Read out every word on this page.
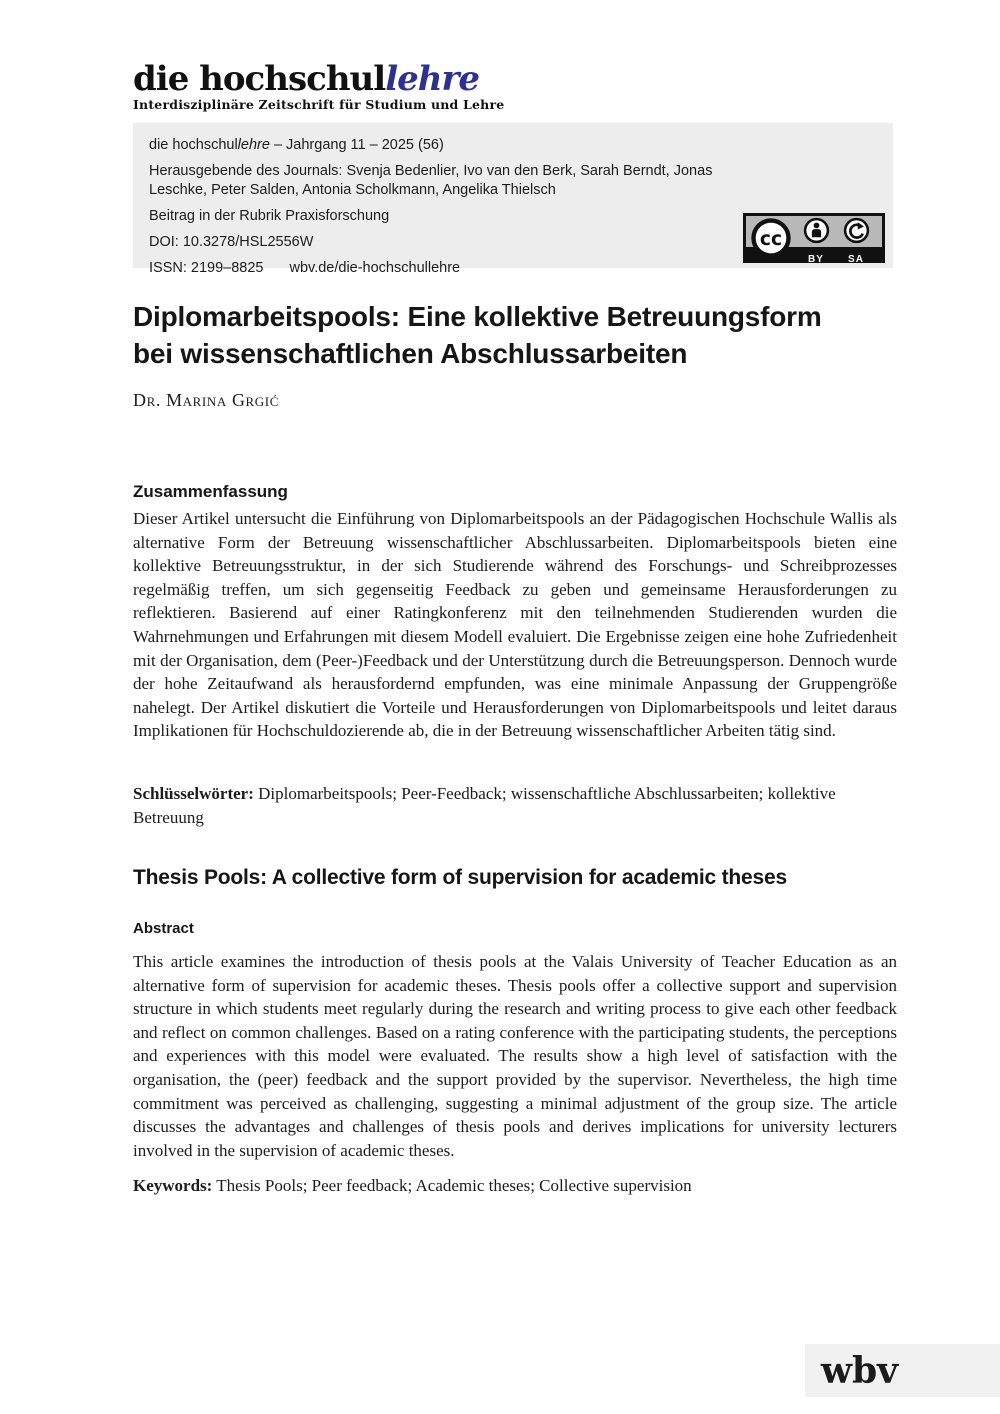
die hochschullehre
Interdisziplinäre Zeitschrift für Studium und Lehre

die hochschullehre – Jahrgang 11 – 2025 (56)

Herausgebende des Journals: Svenja Bedenlier, Ivo van den Berk, Sarah Berndt, Jonas Leschke, Peter Salden, Antonia Scholkmann, Angelika Thielsch

Beitrag in der Rubrik Praxisforschung

DOI: 10.3278/HSL2556W

ISSN: 2199–8825 wbv.de/die-hochschullehre

cc
BY	SA
Diplomarbeitspools: Eine kollektive Betreuungsform
bei wissenschaftlichen Abschlussarbeiten
Dr. Marina Grgić
Zusammenfassung

Dieser Artikel untersucht die Einführung von Diplomarbeitspools an der Pädagogischen Hochschule Wallis als alternative Form der Betreuung wissenschaftlicher Abschlussarbeiten. Diplomarbeitspools bieten eine kollektive Betreuungsstruktur, in der sich Studierende während des Forschungs- und Schreibprozesses regelmäßig treffen, um sich gegenseitig Feedback zu geben und gemeinsame Herausforderungen zu reflektieren. Basierend auf einer Ratingkonferenz mit den teilnehmenden Studierenden wurden die Wahrnehmungen und Erfahrungen mit diesem Modell evaluiert. Die Ergebnisse zeigen eine hohe Zufriedenheit mit der Organisation, dem (Peer-)Feedback und der Unterstützung durch die Betreuungsperson. Dennoch wurde der hohe Zeitaufwand als herausfordernd empfunden, was eine minimale Anpassung der Gruppengröße nahelegt. Der Artikel diskutiert die Vorteile und Herausforderungen von Diplomarbeitspools und leitet daraus Implikationen für Hochschuldozierende ab, die in der Betreuung wissenschaftlicher Arbeiten tätig sind.

Schlüsselwörter: Diplomarbeitspools; Peer-Feedback; wissenschaftliche Abschlussarbeiten; kollektive Betreuung

Thesis Pools: A collective form of supervision for academic theses
Abstract

This article examines the introduction of thesis pools at the Valais University of Teacher Education as an alternative form of supervision for academic theses. Thesis pools offer a collective support and supervision structure in which students meet regularly during the research and writing process to give each other feedback and reflect on common challenges. Based on a rating conference with the participating students, the perceptions and experiences with this model were evaluated. The results show a high level of satisfaction with the organisation, the (peer) feedback and the support provided by the supervisor. Nevertheless, the high time commitment was perceived as challenging, suggesting a minimal adjustment of the group size. The article discusses the advantages and challenges of thesis pools and derives implications for university lecturers involved in the supervision of academic theses.

Keywords: Thesis Pools; Peer feedback; Academic theses; Collective supervision

wbv
